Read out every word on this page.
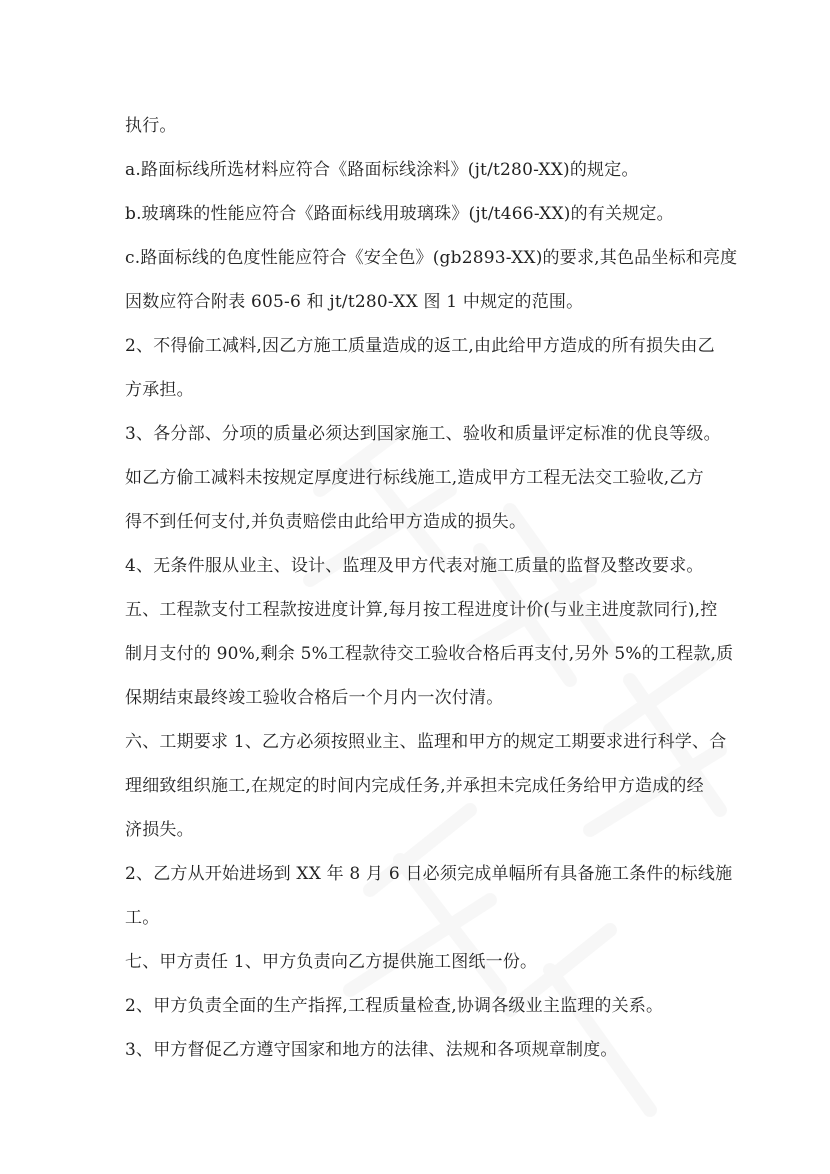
执行。
a.路面标线所选材料应符合《路面标线涂料》(jt/t280-XX)的规定。
b.玻璃珠的性能应符合《路面标线用玻璃珠》(jt/t466-XX)的有关规定。
c.路面标线的色度性能应符合《安全色》(gb2893-XX)的要求,其色品坐标和亮度
因数应符合附表 605-6 和 jt/t280-XX 图 1 中规定的范围。
2、不得偷工减料,因乙方施工质量造成的返工,由此给甲方造成的所有损失由乙
方承担。
3、各分部、分项的质量必须达到国家施工、验收和质量评定标准的优良等级。
如乙方偷工减料未按规定厚度进行标线施工,造成甲方工程无法交工验收,乙方
得不到任何支付,并负责赔偿由此给甲方造成的损失。
4、无条件服从业主、设计、监理及甲方代表对施工质量的监督及整改要求。
五、工程款支付工程款按进度计算,每月按工程进度计价(与业主进度款同行),控
制月支付的 90%,剩余 5%工程款待交工验收合格后再支付,另外 5%的工程款,质
保期结束最终竣工验收合格后一个月内一次付清。
六、工期要求 1、乙方必须按照业主、监理和甲方的规定工期要求进行科学、合
理细致组织施工,在规定的时间内完成任务,并承担未完成任务给甲方造成的经
济损失。
2、乙方从开始进场到 XX 年 8 月 6 日必须完成单幅所有具备施工条件的标线施
工。
七、甲方责任 1、甲方负责向乙方提供施工图纸一份。
2、甲方负责全面的生产指挥,工程质量检查,协调各级业主监理的关系。
3、甲方督促乙方遵守国家和地方的法律、法规和各项规章制度。
